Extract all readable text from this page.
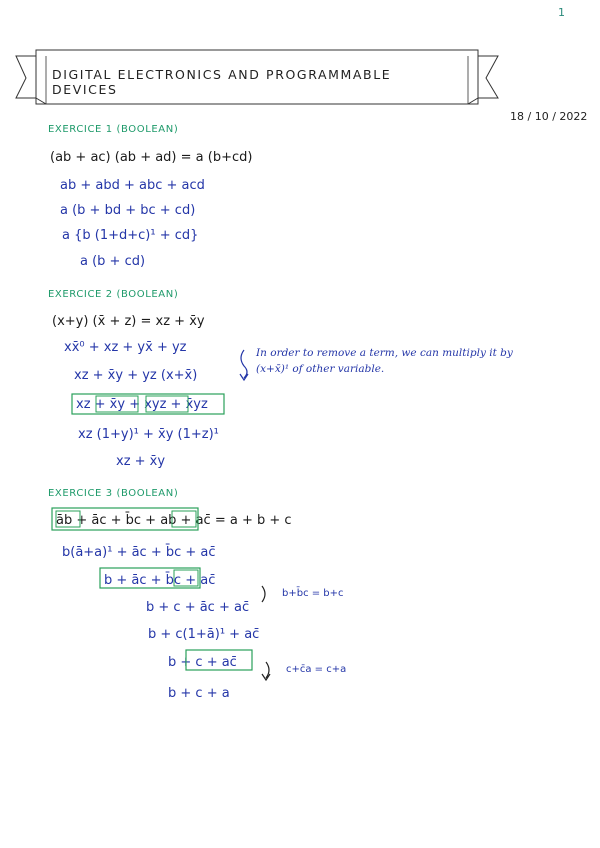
1
DIGITAL ELECTRONICS AND PROGRAMMABLE DEVICES
18 / 10 / 2022
EXERCICE 1 (BOOLEAN)
(ab + ac) (ab + ad) = a (b+cd)
ab + abd + abc + acd
a (b + bd + bc + cd)
a {b (1+d+c)¹ + cd}
a (b + cd)
EXERCICE 2 (BOOLEAN)
(x+y) (x̄ + z) = xz + x̄y
xx̄⁰ + xz + yx̄ + yz
xz + x̄y + yz (x+x̄)
xz + x̄y + xyz + x̄yz
xz (1+y)¹ + x̄y (1+z)¹
xz + x̄y
In order to remove a term, we can multiply it by (x+x̄)¹ of other variable.
EXERCICE 3 (BOOLEAN)
āb + āc + b̄c + ab + ac̄ = a + b + c
b(ā+a)¹ + āc + b̄c + ac̄
b + āc + b̄c + ac̄
b + c + āc + ac̄
b + c(1+ā)¹ + ac̄
b + c + ac̄
b + c + a
b+b̄c = b+c
c+c̄a = c+a
